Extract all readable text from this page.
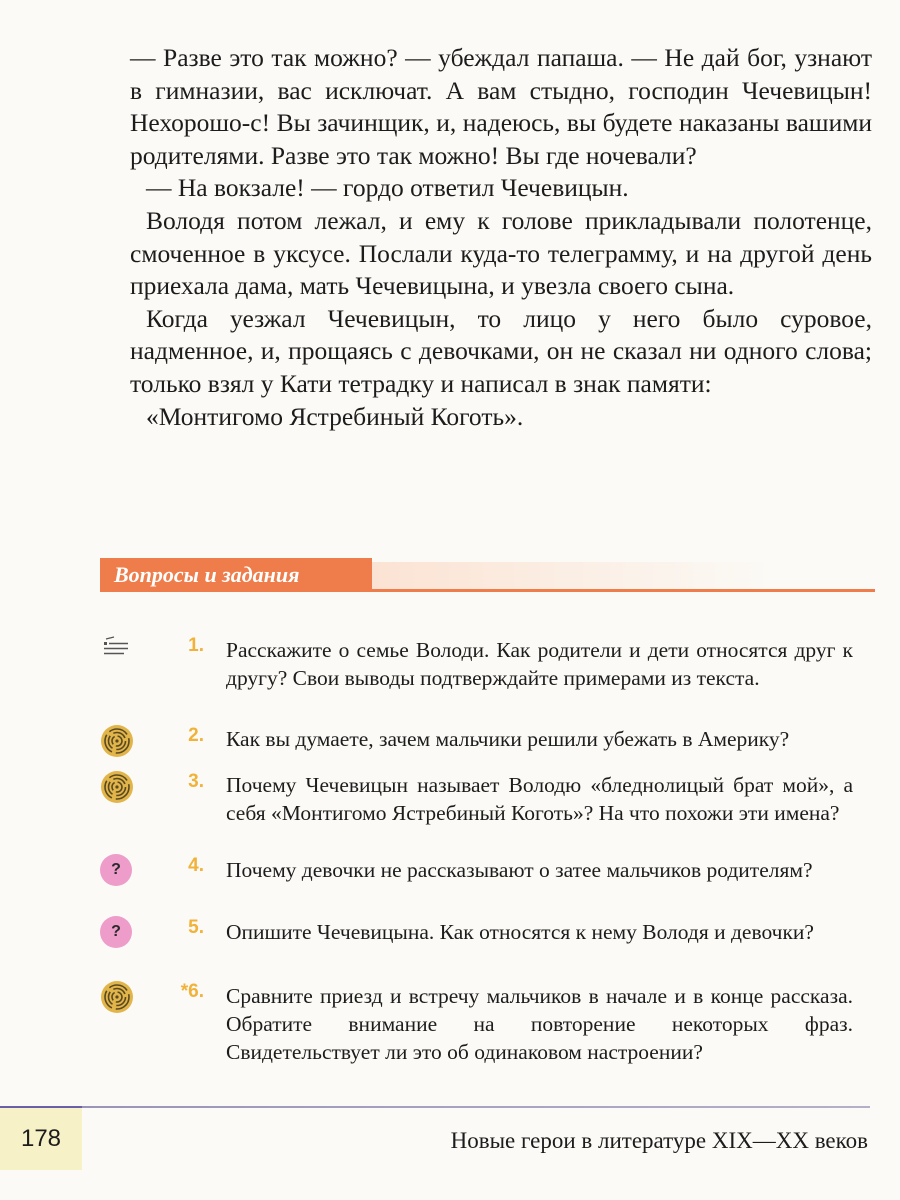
— Разве это так можно? — убеждал папаша. — Не дай бог, узнают в гимназии, вас исключат. А вам стыдно, господин Чечевицын! Нехорошо-с! Вы зачинщик, и, надеюсь, вы будете наказаны вашими родителями. Разве это так можно! Вы где ночевали?

— На вокзале! — гордо ответил Чечевицын.

Володя потом лежал, и ему к голове прикладывали полотенце, смоченное в уксусе. Послали куда-то телеграмму, и на другой день приехала дама, мать Чечевицына, и увезла своего сына.

Когда уезжал Чечевицын, то лицо у него было суровое, надменное, и, прощаясь с девочками, он не сказал ни одного слова; только взял у Кати тетрадку и написал в знак памяти:

«Монтигомо Ястребиный Коготь».

Вопросы и задания
1. Расскажите о семье Володи. Как родители и дети относятся друг к другу? Свои выводы подтверждайте примерами из текста.
2. Как вы думаете, зачем мальчики решили убежать в Америку?
3. Почему Чечевицын называет Володю «бледнолицый брат мой», а себя «Монтигомо Ястребиный Коготь»? На что похожи эти имена?
?	4. Почему девочки не рассказывают о затее мальчиков родителям?
?	5. Опишите Чечевицына. Как относятся к нему Володя и девочки?
*6. Сравните приезд и встречу мальчиков в начале и в конце рассказа. Обратите внимание на повторение некоторых фраз. Свидетельствует ли это об одинаковом настроении?
178	Новые герои в литературе XIX—XX веков
